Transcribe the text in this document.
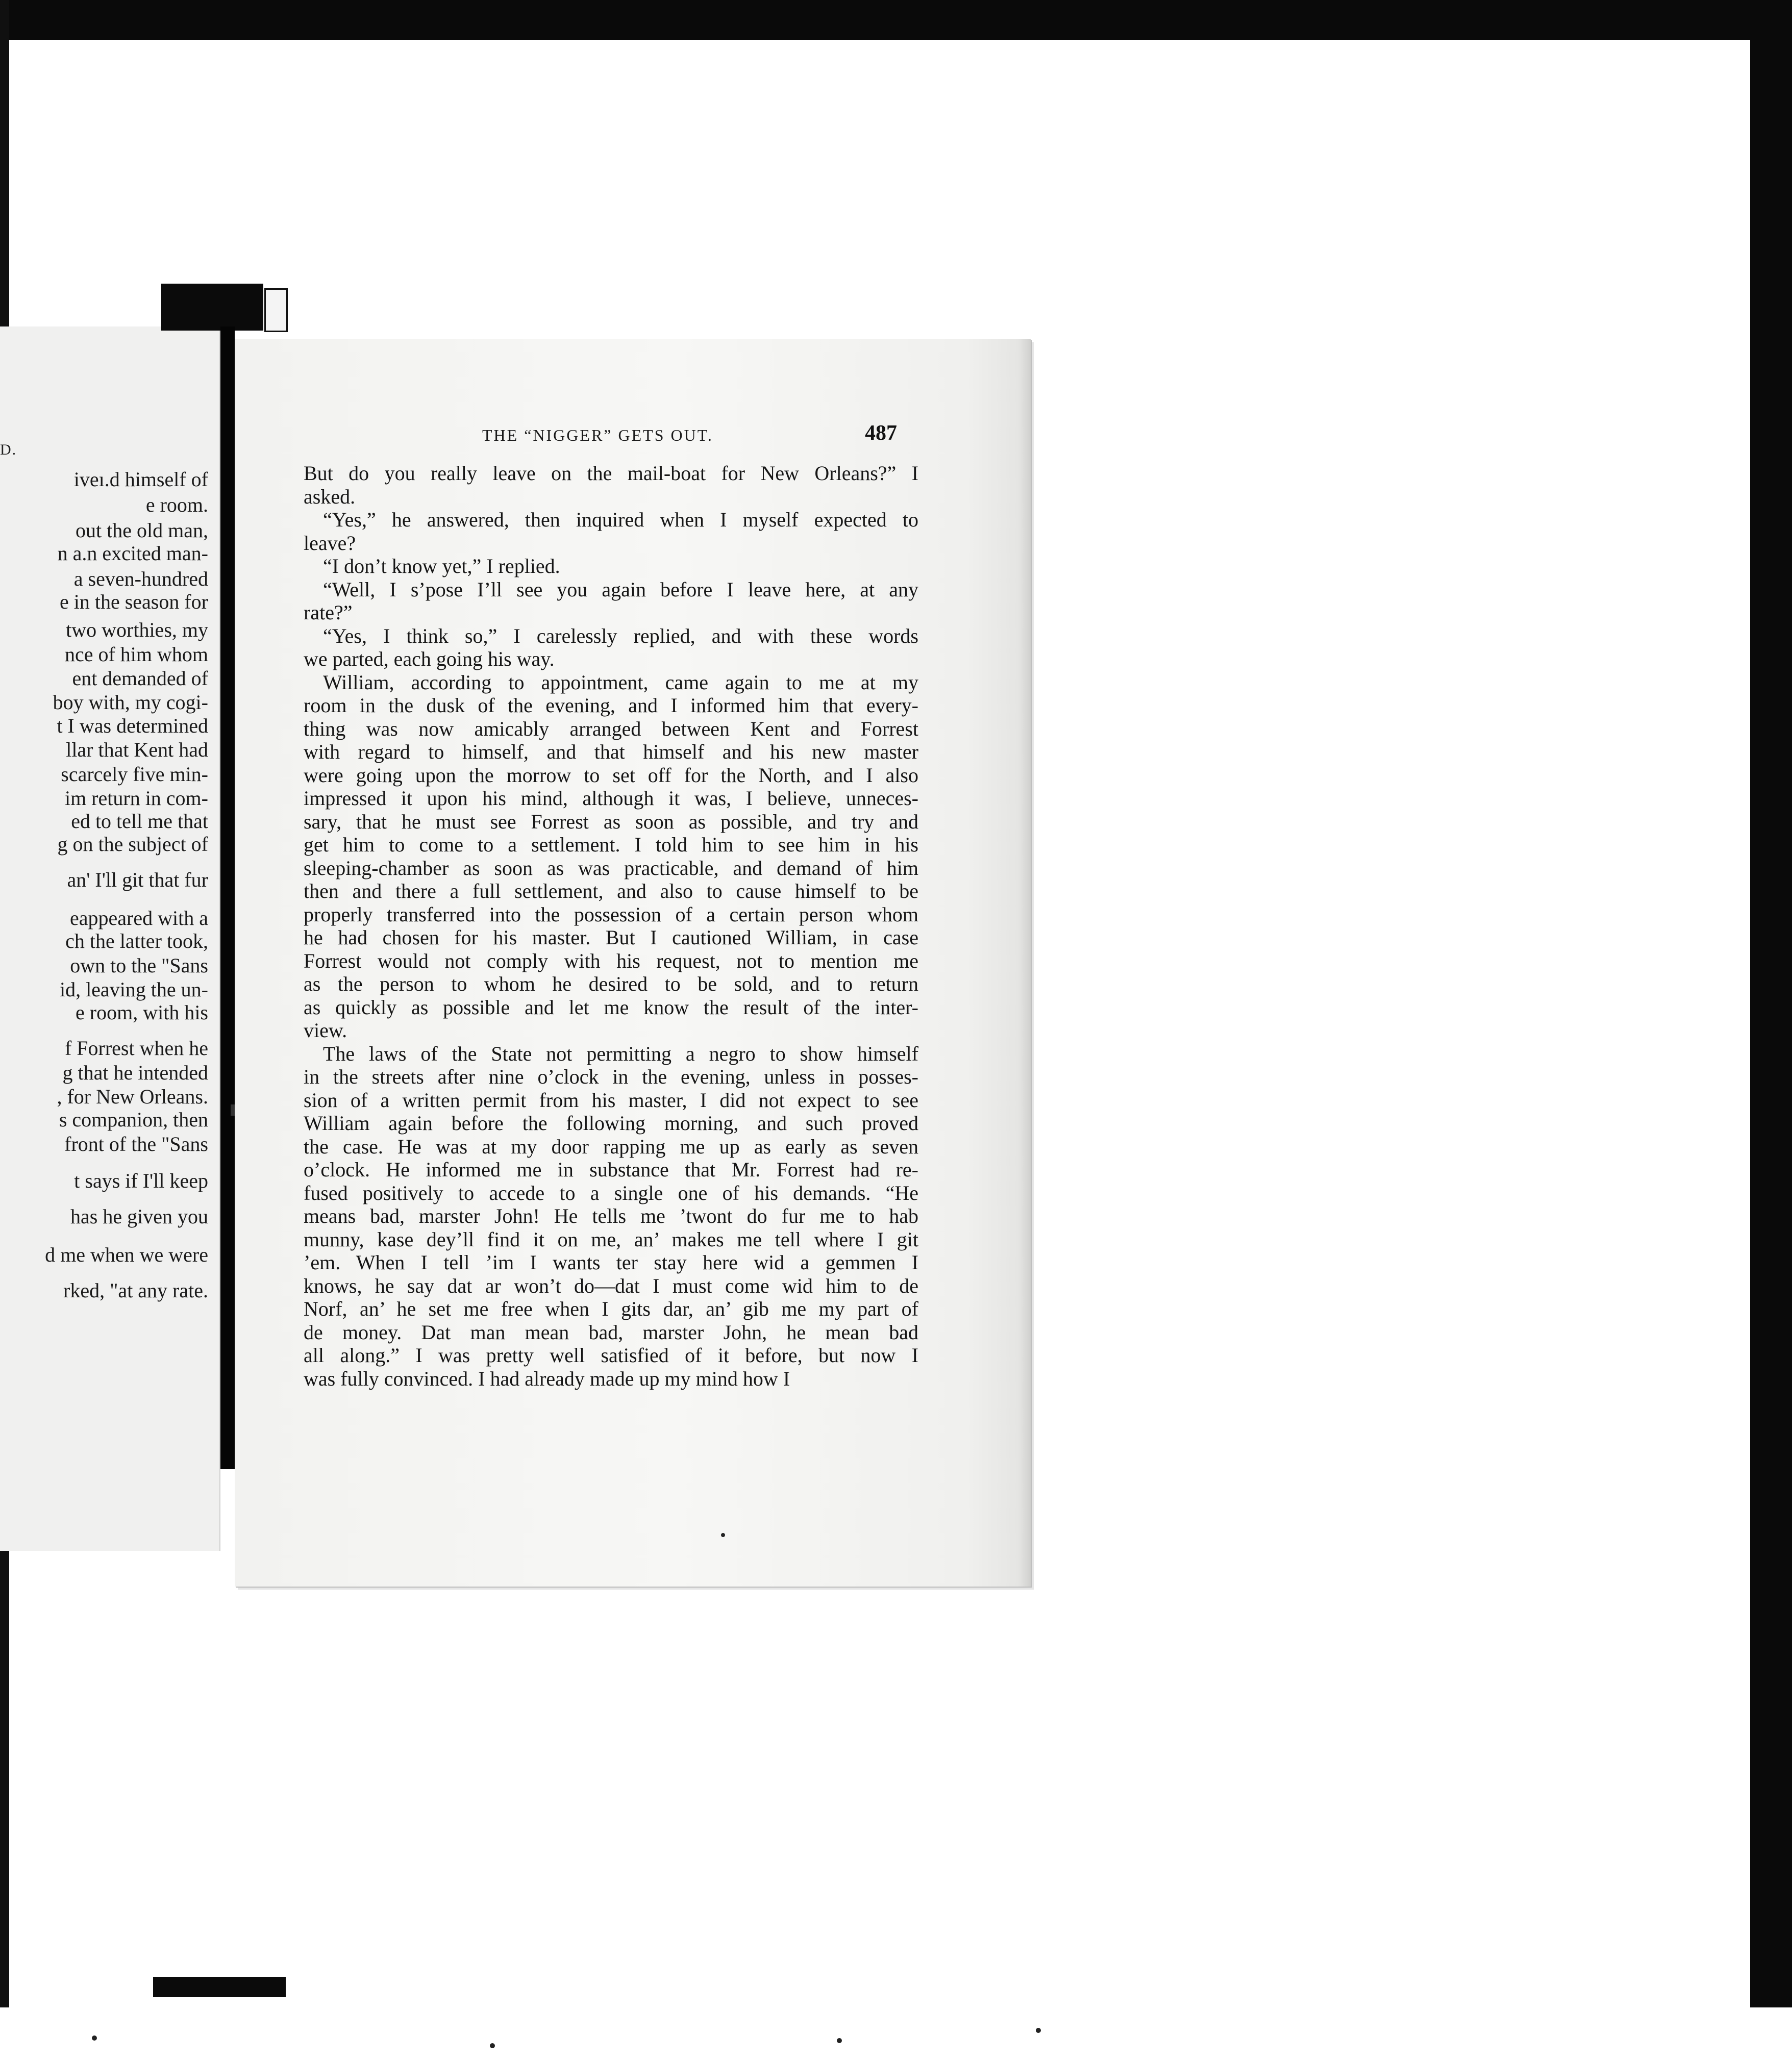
D.
iveı.d himself of
e room.
out the old man,
n a.n excited man-
a seven-hundred
e in the season for
two worthies, my
nce of him whom
ent demanded of
boy with, my cogi-
t I was determined
llar that Kent had
scarcely five min-
im return in com-
ed to tell me that
g on the subject of
an' I'll git that fur
eappeared with a
ch the latter took,
own to the "Sans
id, leaving the un-
e room, with his
f Forrest when he
g that he intended
, for New Orleans.
s companion, then
front of the "Sans
t says if I'll keep
has he given you
d me when we were
rked, "at any rate.
THE “NIGGER” GETS OUT.	487
But do you really leave on the mail-boat for New Orleans?” I
asked.
“Yes,” he answered, then inquired when I myself expected to
leave?
“I don’t know yet,” I replied.
“Well, I s’pose I’ll see you again before I leave here, at any
rate?”
“Yes, I think so,” I carelessly replied, and with these words
we parted, each going his way.
William, according to appointment, came again to me at my
room in the dusk of the evening, and I informed him that every-
thing was now amicably arranged between Kent and Forrest
with regard to himself, and that himself and his new master
were going upon the morrow to set off for the North, and I also
impressed it upon his mind, although it was, I believe, unneces-
sary, that he must see Forrest as soon as possible, and try and
get him to come to a settlement. I told him to see him in his
sleeping-chamber as soon as was practicable, and demand of him
then and there a full settlement, and also to cause himself to be
properly transferred into the possession of a certain person whom
he had chosen for his master. But I cautioned William, in case
Forrest would not comply with his request, not to mention me
as the person to whom he desired to be sold, and to return
as quickly as possible and let me know the result of the inter-
view.
The laws of the State not permitting a negro to show himself
in the streets after nine o’clock in the evening, unless in posses-
sion of a written permit from his master, I did not expect to see
William again before the following morning, and such proved
the case. He was at my door rapping me up as early as seven
o’clock. He informed me in substance that Mr. Forrest had re-
fused positively to accede to a single one of his demands. “He
means bad, marster John! He tells me ’twont do fur me to hab
munny, kase dey’ll find it on me, an’ makes me tell where I git
’em. When I tell ’im I wants ter stay here wid a gemmen I
knows, he say dat ar won’t do—dat I must come wid him to de
Norf, an’ he set me free when I gits dar, an’ gib me my part of
de money. Dat man mean bad, marster John, he mean bad
all along.” I was pretty well satisfied of it before, but now I
was fully convinced. I had already made up my mind how I
